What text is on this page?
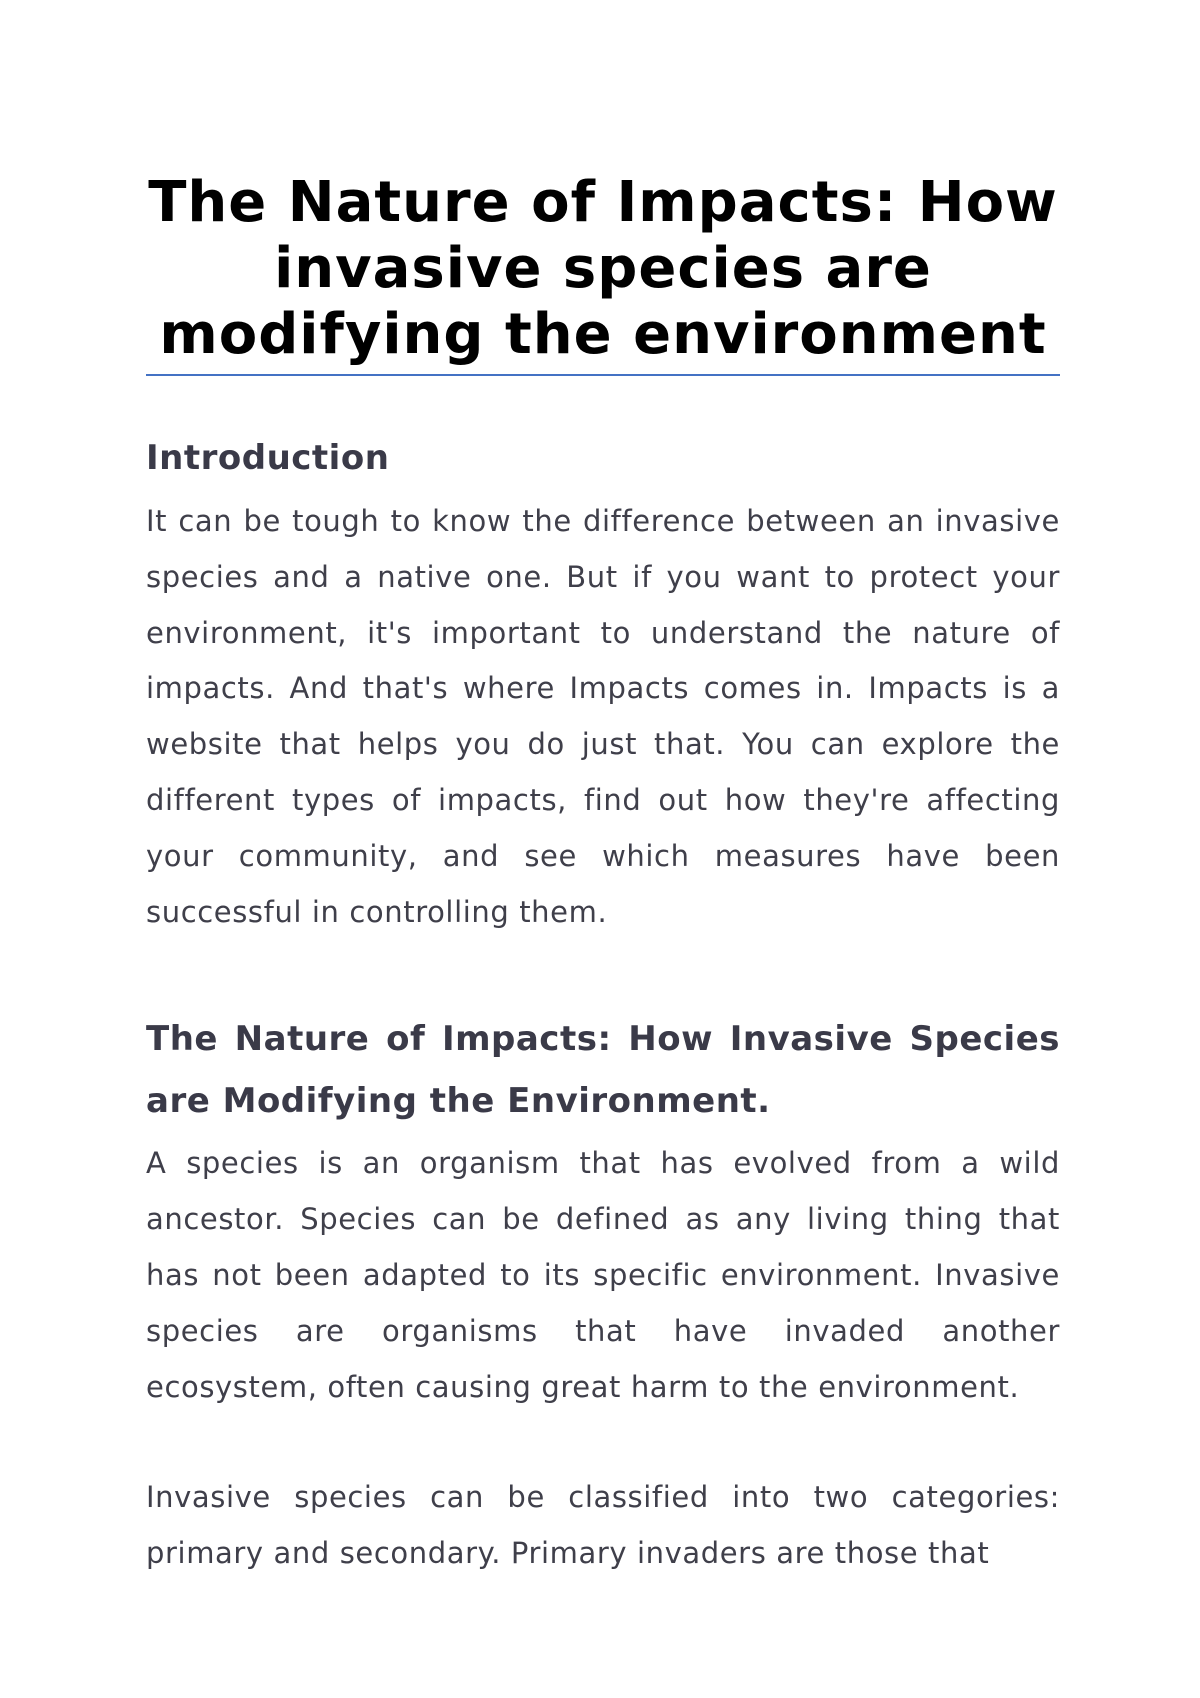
The Nature of Impacts: How invasive species are modifying the environment
Introduction

It can be tough to know the difference between an invasive species and a native one. But if you want to protect your environment, it's important to understand the nature of impacts. And that's where Impacts comes in. Impacts is a website that helps you do just that. You can explore the different types of impacts, find out how they're affecting your community, and see which measures have been successful in controlling them.

The Nature of Impacts: How Invasive Species are Modifying the Environment.

A species is an organism that has evolved from a wild ancestor. Species can be defined as any living thing that has not been adapted to its specific environment. Invasive species are organisms that have invaded another ecosystem, often causing great harm to the environment.

Invasive species can be classified into two categories: primary and secondary. Primary invaders are those that
